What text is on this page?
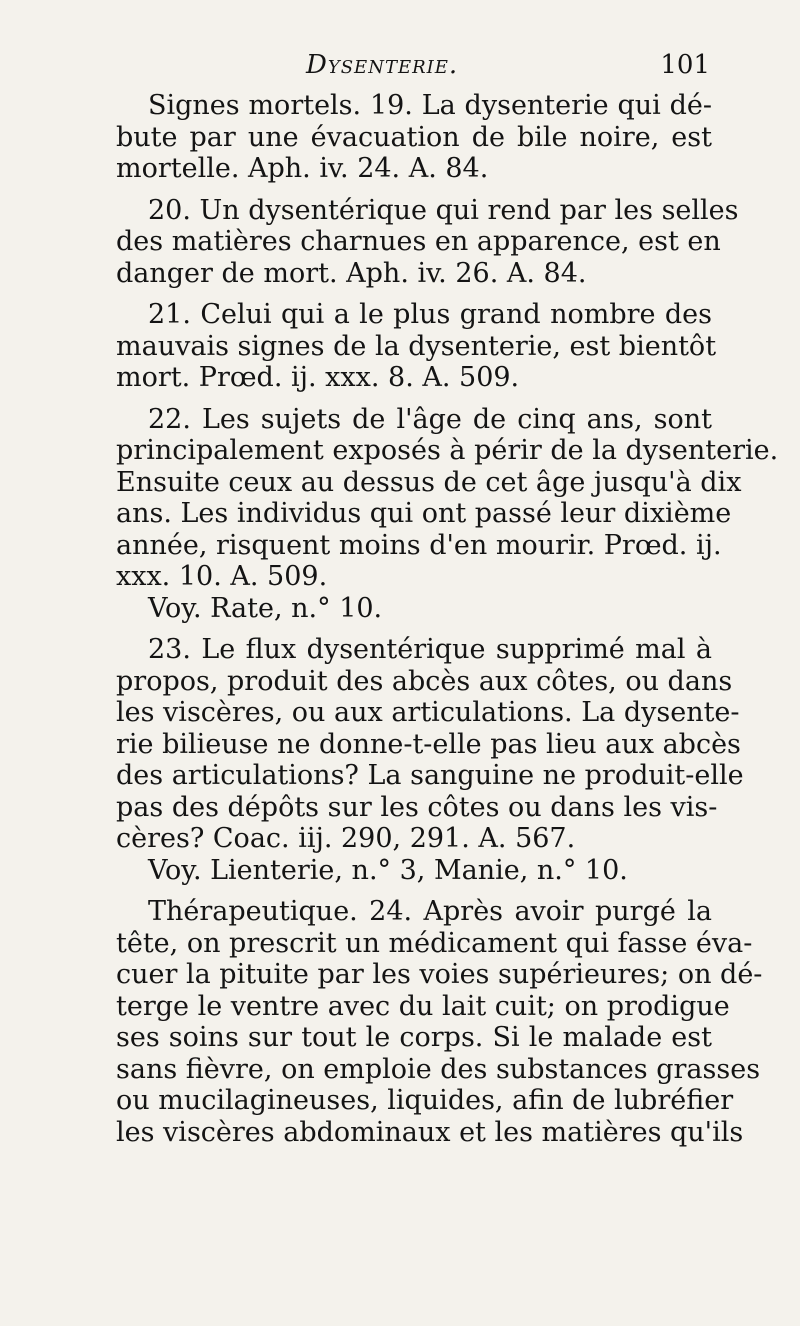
Dysenterie.	101
Signes mortels. 19. La dysenterie qui dé-
bute par une évacuation de bile noire, est
mortelle. Aph. iv. 24. A. 84.
20. Un dysentérique qui rend par les selles
des matières charnues en apparence, est en
danger de mort. Aph. iv. 26. A. 84.
21. Celui qui a le plus grand nombre des
mauvais signes de la dysenterie, est bientôt
mort. Prœd. ij. xxx. 8. A. 509.
22. Les sujets de l'âge de cinq ans, sont
principalement exposés à périr de la dysenterie.
Ensuite ceux au dessus de cet âge jusqu'à dix
ans. Les individus qui ont passé leur dixième
année, risquent moins d'en mourir. Prœd. ij.
xxx. 10. A. 509.
Voy. Rate, n.° 10.
23. Le flux dysentérique supprimé mal à
propos, produit des abcès aux côtes, ou dans
les viscères, ou aux articulations. La dysente-
rie bilieuse ne donne-t-elle pas lieu aux abcès
des articulations? La sanguine ne produit-elle
pas des dépôts sur les côtes ou dans les vis-
cères? Coac. iij. 290, 291. A. 567.
Voy. Lienterie, n.° 3, Manie, n.° 10.
Thérapeutique. 24. Après avoir purgé la
tête, on prescrit un médicament qui fasse éva-
cuer la pituite par les voies supérieures; on dé-
terge le ventre avec du lait cuit; on prodigue
ses soins sur tout le corps. Si le malade est
sans fièvre, on emploie des substances grasses
ou mucilagineuses, liquides, afin de lubréfier
les viscères abdominaux et les matières qu'ils
